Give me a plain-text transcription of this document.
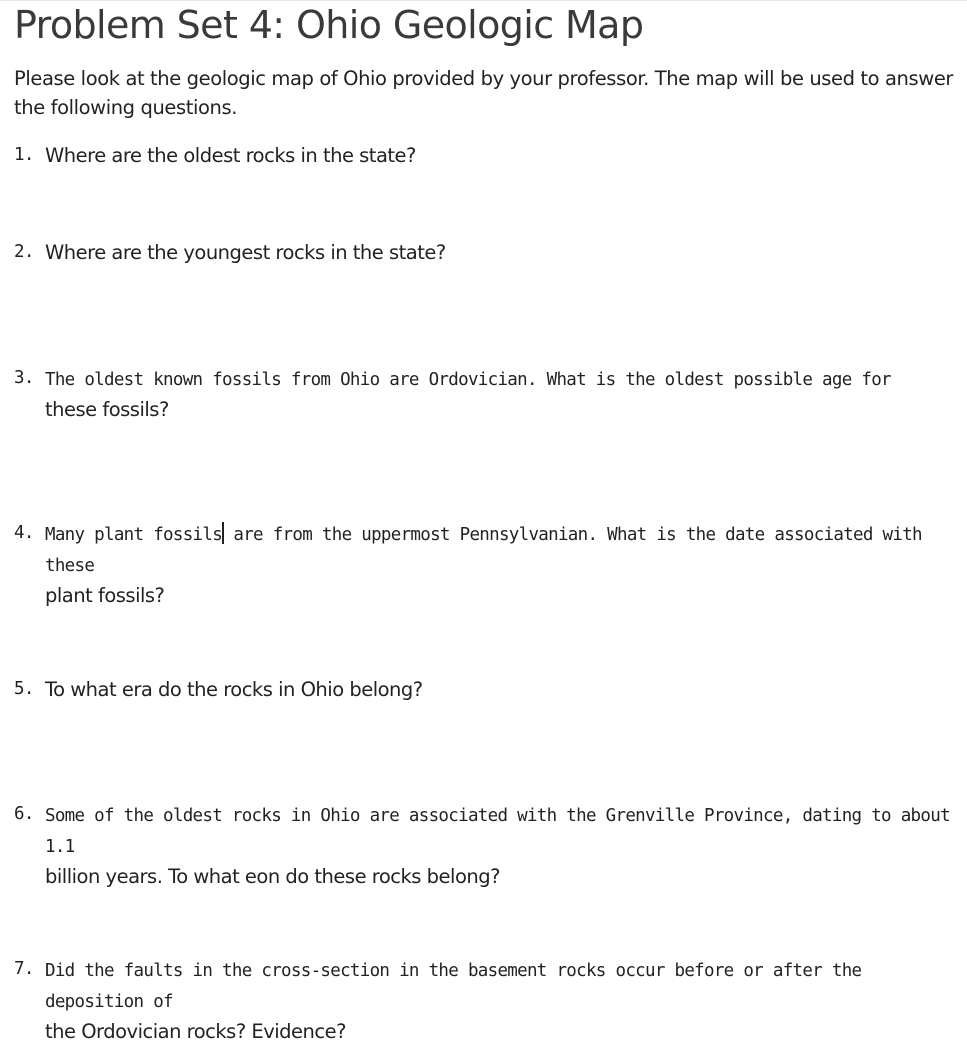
Problem Set 4: Ohio Geologic Map

Please look at the geologic map of Ohio provided by your professor. The map will be used to answer the following questions.

1. Where are the oldest rocks in the state?
2. Where are the youngest rocks in the state?
3. The oldest known fossils from Ohio are Ordovician. What is the oldest possible age for
these fossils?
4. Many plant fossils are from the uppermost Pennsylvanian. What is the date associated with these
plant fossils?
5. To what era do the rocks in Ohio belong?
6. Some of the oldest rocks in Ohio are associated with the Grenville Province, dating to about 1.1
billion years. To what eon do these rocks belong?
7. Did the faults in the cross-section in the basement rocks occur before or after the deposition of
the Ordovician rocks? Evidence?
